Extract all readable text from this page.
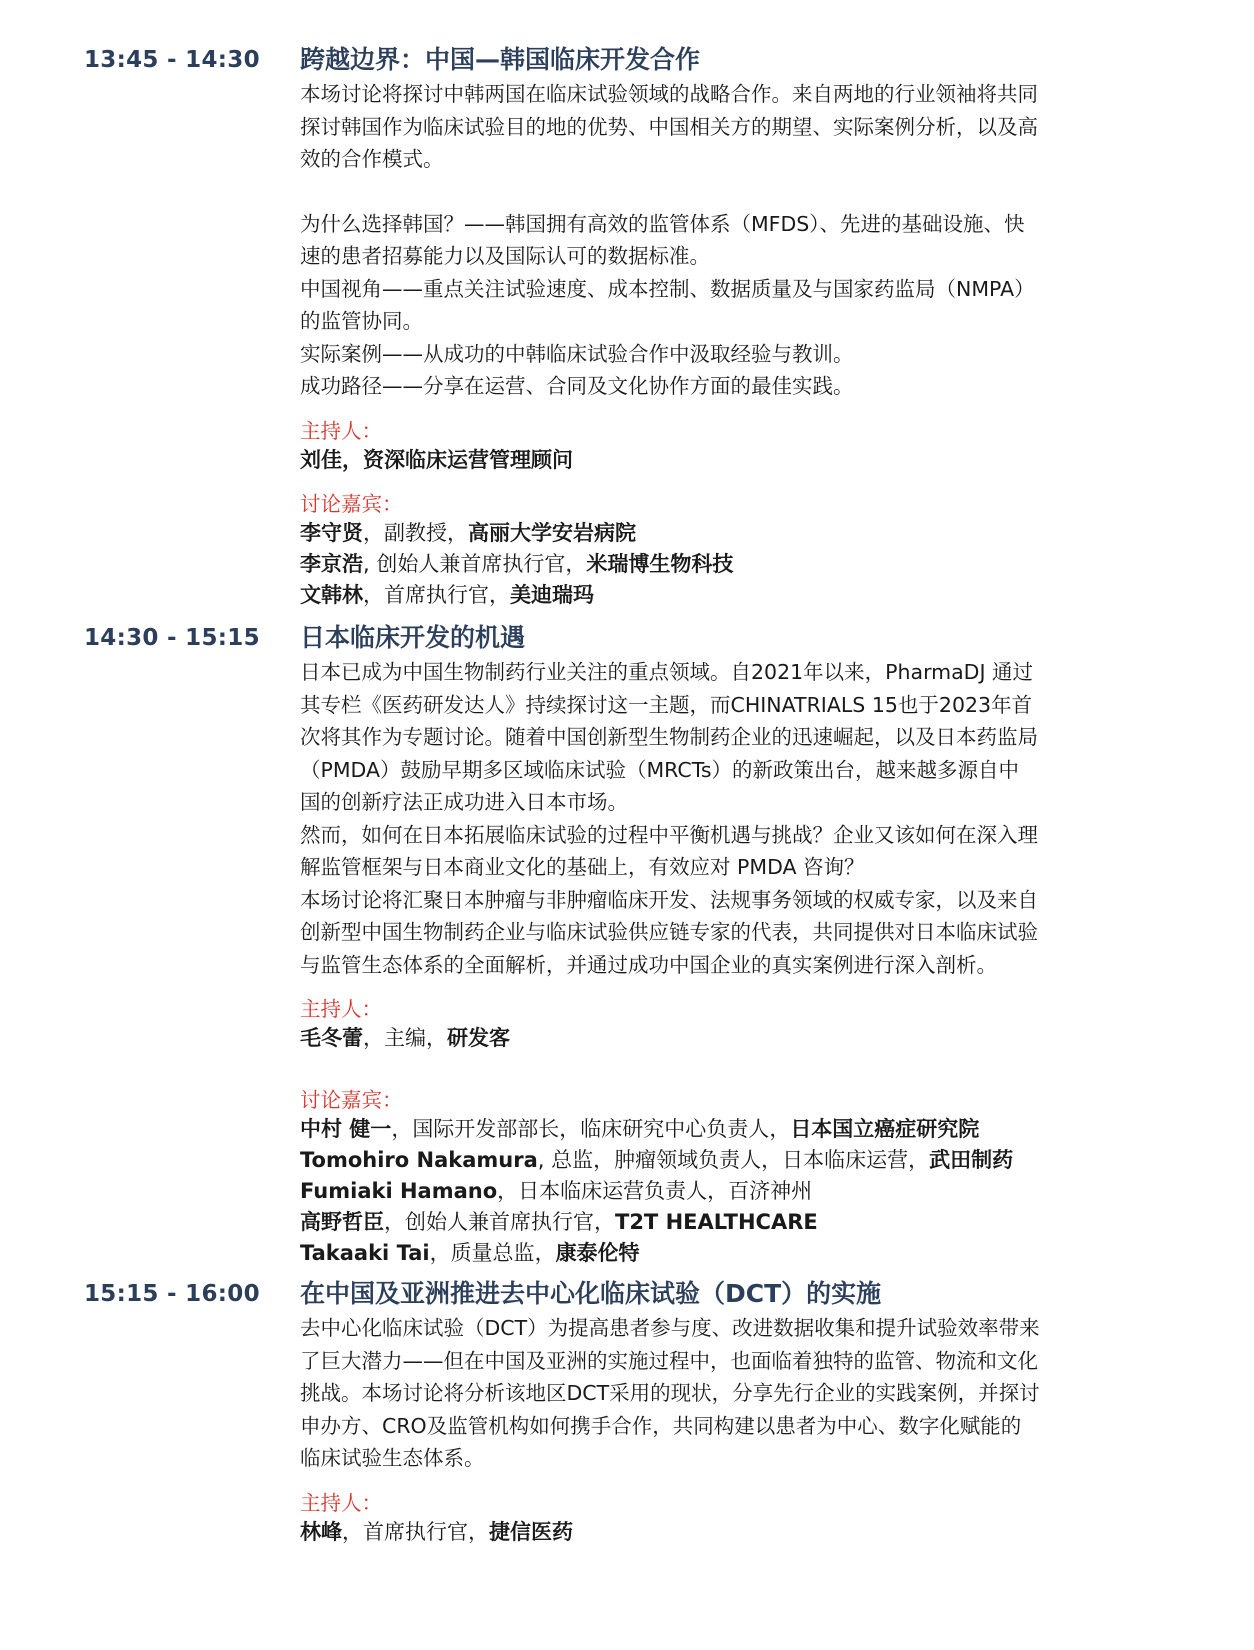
13:45 - 14:30 跨越边界：中国—韩国临床开发合作

本场讨论将探讨中韩两国在临床试验领域的战略合作。来自两地的行业领袖将共同

探讨韩国作为临床试验目的地的优势、中国相关方的期望、实际案例分析，以及高

效的合作模式。

为什么选择韩国？——韩国拥有高效的监管体系（MFDS）、先进的基础设施、快

速的患者招募能力以及国际认可的数据标准。

中国视角——重点关注试验速度、成本控制、数据质量及与国家药监局（NMPA）

的监管协同。

实际案例——从成功的中韩临床试验合作中汲取经验与教训。

成功路径——分享在运营、合同及文化协作方面的最佳实践。

主持人：

刘佳，资深临床运营管理顾问

讨论嘉宾：

李守贤，副教授，高丽大学安岩病院

李京浩, 创始人兼首席执行官，米瑞博生物科技

文韩林，首席执行官，美迪瑞玛

14:30 - 15:15 日本临床开发的机遇

日本已成为中国生物制药行业关注的重点领域。自2021年以来，PharmaDJ 通过

其专栏《医药研发达人》持续探讨这一主题，而CHINATRIALS 15也于2023年首

次将其作为专题讨论。随着中国创新型生物制药企业的迅速崛起，以及日本药监局

（PMDA）鼓励早期多区域临床试验（MRCTs）的新政策出台，越来越多源自中

国的创新疗法正成功进入日本市场。

然而，如何在日本拓展临床试验的过程中平衡机遇与挑战？企业又该如何在深入理

解监管框架与日本商业文化的基础上，有效应对 PMDA 咨询？

本场讨论将汇聚日本肿瘤与非肿瘤临床开发、法规事务领域的权威专家，以及来自

创新型中国生物制药企业与临床试验供应链专家的代表，共同提供对日本临床试验

与监管生态体系的全面解析，并通过成功中国企业的真实案例进行深入剖析。

主持人：

毛冬蕾，主编，研发客

讨论嘉宾：

中村 健一，国际开发部部长，临床研究中心负责人，日本国立癌症研究院

Tomohiro Nakamura, 总监，肿瘤领域负责人，日本临床运营，武田制药

Fumiaki Hamano，日本临床运营负责人，百济神州

高野哲臣，创始人兼首席执行官，T2T HEALTHCARE

Takaaki Tai，质量总监，康泰伦特

15:15 - 16:00 在中国及亚洲推进去中心化临床试验（DCT）的实施

去中心化临床试验（DCT）为提高患者参与度、改进数据收集和提升试验效率带来

了巨大潜力——但在中国及亚洲的实施过程中，也面临着独特的监管、物流和文化

挑战。本场讨论将分析该地区DCT采用的现状，分享先行企业的实践案例，并探讨

申办方、CRO及监管机构如何携手合作，共同构建以患者为中心、数字化赋能的

临床试验生态体系。

主持人：

林峰，首席执行官，捷信医药
